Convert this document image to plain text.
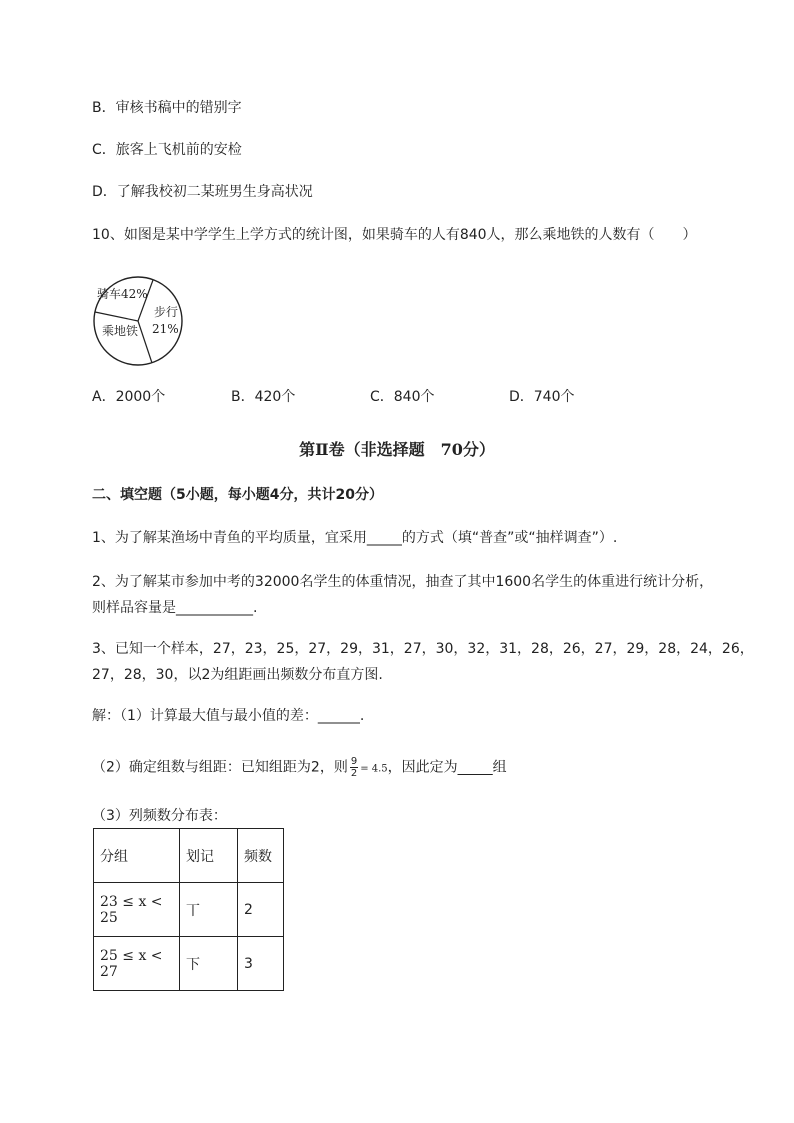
B．审核书稿中的错别字
C．旅客上飞机前的安检
D．了解我校初二某班男生身高状况
10、如图是某中学学生上学方式的统计图，如果骑车的人有840人，那么乘地铁的人数有（　　）
骑车42%
步行
21%
乘地铁
A．2000个	B．420个	C．840个	D．740个
第Ⅱ卷（非选择题　70分）
二、填空题（5小题，每小题4分，共计20分）
1、为了解某渔场中青鱼的平均质量，宜采用_____的方式（填“普查”或“抽样调查”）.
2、为了解某市参加中考的32000名学生的体重情况，抽查了其中1600名学生的体重进行统计分析，
则样品容量是___________.
3、已知一个样本，27，23，25，27，29，31，27，30，32，31，28，26，27，29，28，24，26，
27，28，30，以2为组距画出频数分布直方图.
解：（1）计算最大值与最小值的差：______.
（2）确定组数与组距：已知组距为2，则 $\frac{9}{2} = 4.5$，因此定为_____组
（3）列频数分布表：
分组	划记	频数
23 ≤ x < 25	丅	2
25 ≤ x < 27	下	3
